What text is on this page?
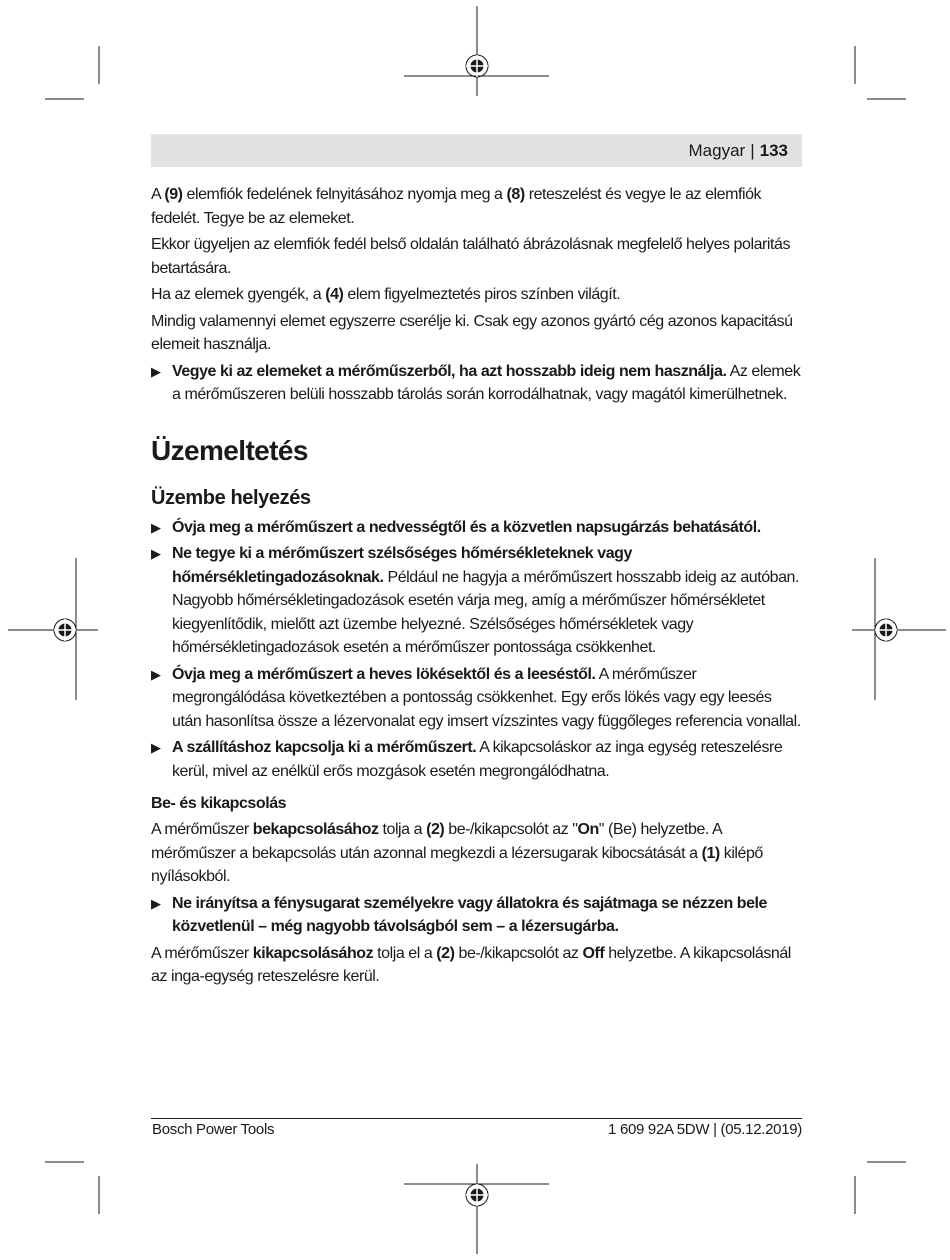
Magyar | 133

A (9) elemfiók fedelének felnyitásához nyomja meg a (8) reteszelést és vegye le az elemfiók fedelét. Tegye be az elemeket.

Ekkor ügyeljen az elemfiók fedél belső oldalán található ábrázolásnak megfelelő helyes polaritás betartására.

Ha az elemek gyengék, a (4) elem figyelmeztetés piros színben világít.

Mindig valamennyi elemet egyszerre cserélje ki. Csak egy azonos gyártó cég azonos kapacitású elemeit használja.

▶ Vegye ki az elemeket a mérőműszerből, ha azt hosszabb ideig nem használja. Az elemek a mérőműszeren belüli hosszabb tárolás során korrodálhatnak, vagy magától kimerülhetnek.
Üzemeltetés
Üzembe helyezés
▶ Óvja meg a mérőműszert a nedvességtől és a közvetlen napsugárzás behatásától.
▶ Ne tegye ki a mérőműszert szélsőséges hőmérsékleteknek vagy hőmérsékletingadozásoknak. Például ne hagyja a mérőműszert hosszabb ideig az autóban. Nagyobb hőmérsékletingadozások esetén várja meg, amíg a mérőműszer hőmérsékletet kiegyenlítődik, mielőtt azt üzembe helyezné. Szélsőséges hőmérsékletek vagy hőmérsékletingadozások esetén a mérőműszer pontossága csökkenhet.
▶ Óvja meg a mérőműszert a heves lökésektől és a leeséstől. A mérőműszer megrongálódása következtében a pontosság csökkenhet. Egy erős lökés vagy egy leesés után hasonlítsa össze a lézervonalat egy imsert vízszintes vagy függőleges referencia vonallal.
▶ A szállításhoz kapcsolja ki a mérőműszert. A kikapcsoláskor az inga egység reteszelésre kerül, mivel az enélkül erős mozgások esetén megrongálódhatna.
Be- és kikapcsolás

A mérőműszer bekapcsolásához tolja a (2) be-/kikapcsolót az "On" (Be) helyzetbe. A mérőműszer a bekapcsolás után azonnal megkezdi a lézersugarak kibocsátását a (1) kilépő nyílásokból.

▶ Ne irányítsa a fénysugarat személyekre vagy állatokra és sajátmaga se nézzen bele közvetlenül – még nagyobb távolságból sem – a lézersugárba.

A mérőműszer kikapcsolásához tolja el a (2) be-/kikapcsolót az Off helyzetbe. A kikapcsolásnál az inga-egység reteszelésre kerül.

Bosch Power Tools	1 609 92A 5DW | (05.12.2019)
